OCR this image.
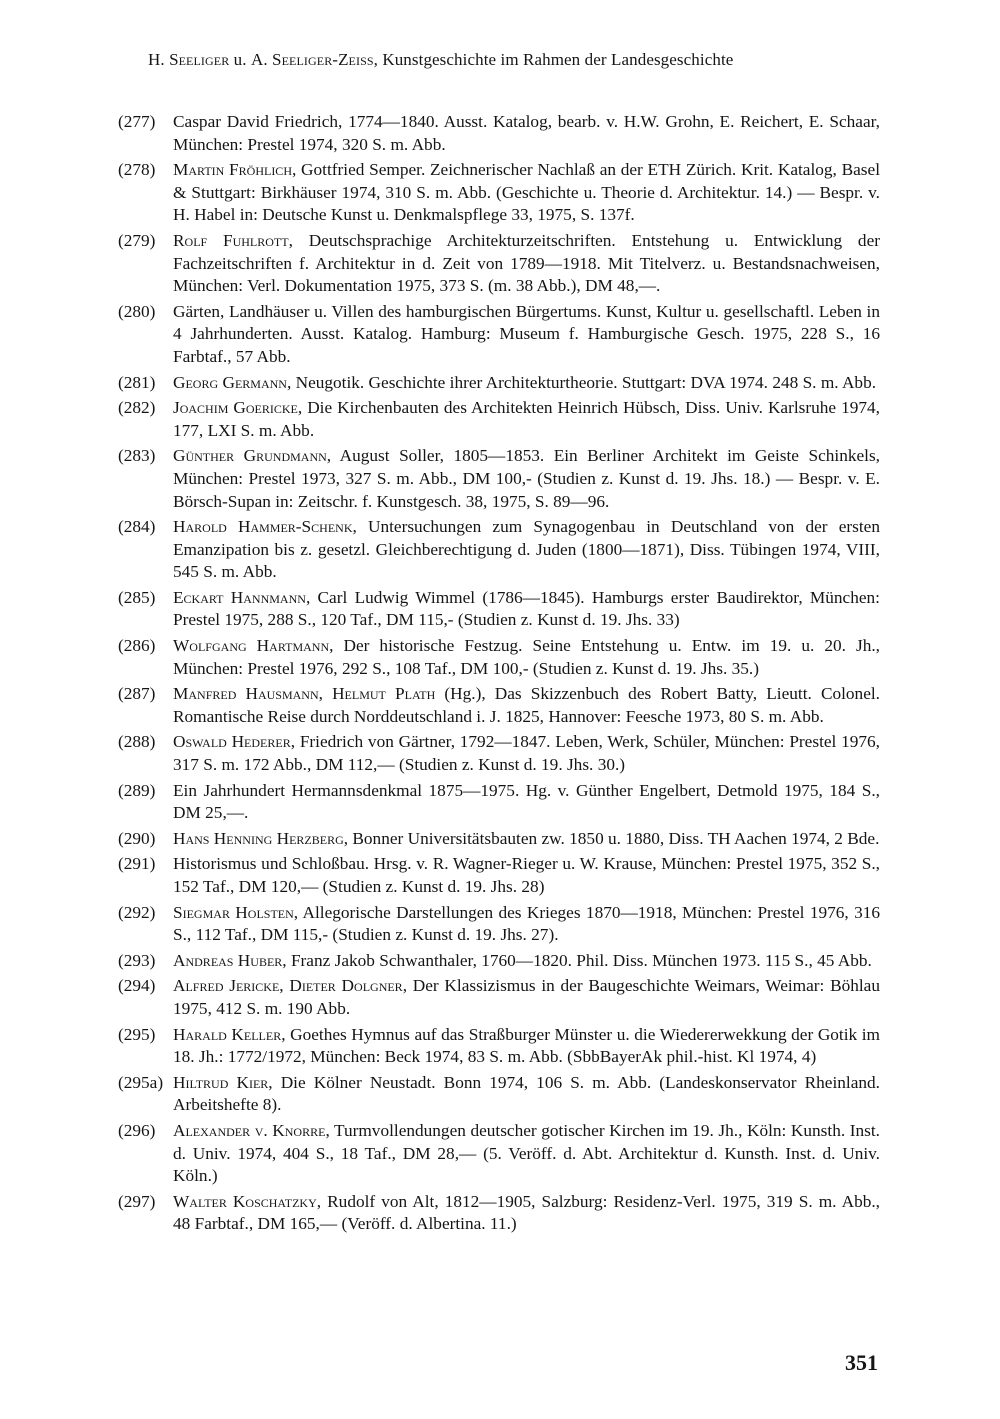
H. Seeliger u. A. Seeliger-Zeiss, Kunstgeschichte im Rahmen der Landesgeschichte
(277)	Caspar David Friedrich, 1774—1840. Ausst. Katalog, bearb. v. H.W. Grohn, E. Reichert, E. Schaar, München: Prestel 1974, 320 S. m. Abb.
(278)	Martin Fröhlich, Gottfried Semper. Zeichnerischer Nachlaß an der ETH Zürich. Krit. Katalog, Basel & Stuttgart: Birkhäuser 1974, 310 S. m. Abb. (Geschichte u. Theorie d. Architektur. 14.) — Bespr. v. H. Habel in: Deutsche Kunst u. Denkmalspflege 33, 1975, S. 137f.
(279)	Rolf Fuhlrott, Deutschsprachige Architekturzeitschriften. Entstehung u. Entwicklung der Fachzeitschriften f. Architektur in d. Zeit von 1789—1918. Mit Titelverz. u. Bestandsnachweisen, München: Verl. Dokumentation 1975, 373 S. (m. 38 Abb.), DM 48,—.
(280)	Gärten, Landhäuser u. Villen des hamburgischen Bürgertums. Kunst, Kultur u. gesellschaftl. Leben in 4 Jahrhunderten. Ausst. Katalog. Hamburg: Museum f. Hamburgische Gesch. 1975, 228 S., 16 Farbtaf., 57 Abb.
(281)	Georg Germann, Neugotik. Geschichte ihrer Architekturtheorie. Stuttgart: DVA 1974. 248 S. m. Abb.
(282)	Joachim Goericke, Die Kirchenbauten des Architekten Heinrich Hübsch, Diss. Univ. Karlsruhe 1974, 177, LXI S. m. Abb.
(283)	Günther Grundmann, August Soller, 1805—1853. Ein Berliner Architekt im Geiste Schinkels, München: Prestel 1973, 327 S. m. Abb., DM 100,- (Studien z. Kunst d. 19. Jhs. 18.) — Bespr. v. E. Börsch-Supan in: Zeitschr. f. Kunstgesch. 38, 1975, S. 89—96.
(284)	Harold Hammer-Schenk, Untersuchungen zum Synagogenbau in Deutschland von der ersten Emanzipation bis z. gesetzl. Gleichberechtigung d. Juden (1800—1871), Diss. Tübingen 1974, VIII, 545 S. m. Abb.
(285)	Eckart Hannmann, Carl Ludwig Wimmel (1786—1845). Hamburgs erster Baudirektor, München: Prestel 1975, 288 S., 120 Taf., DM 115,- (Studien z. Kunst d. 19. Jhs. 33)
(286)	Wolfgang Hartmann, Der historische Festzug. Seine Entstehung u. Entw. im 19. u. 20. Jh., München: Prestel 1976, 292 S., 108 Taf., DM 100,- (Studien z. Kunst d. 19. Jhs. 35.)
(287)	Manfred Hausmann, Helmut Plath (Hg.), Das Skizzenbuch des Robert Batty, Lieutt. Colonel. Romantische Reise durch Norddeutschland i. J. 1825, Hannover: Feesche 1973, 80 S. m. Abb.
(288)	Oswald Hederer, Friedrich von Gärtner, 1792—1847. Leben, Werk, Schüler, München: Prestel 1976, 317 S. m. 172 Abb., DM 112,— (Studien z. Kunst d. 19. Jhs. 30.)
(289)	Ein Jahrhundert Hermannsdenkmal 1875—1975. Hg. v. Günther Engelbert, Detmold 1975, 184 S., DM 25,—.
(290)	Hans Henning Herzberg, Bonner Universitätsbauten zw. 1850 u. 1880, Diss. TH Aachen 1974, 2 Bde.
(291)	Historismus und Schloßbau. Hrsg. v. R. Wagner-Rieger u. W. Krause, München: Prestel 1975, 352 S., 152 Taf., DM 120,— (Studien z. Kunst d. 19. Jhs. 28)
(292)	Siegmar Holsten, Allegorische Darstellungen des Krieges 1870—1918, München: Prestel 1976, 316 S., 112 Taf., DM 115,- (Studien z. Kunst d. 19. Jhs. 27).
(293)	Andreas Huber, Franz Jakob Schwanthaler, 1760—1820. Phil. Diss. München 1973. 115 S., 45 Abb.
(294)	Alfred Jericke, Dieter Dolgner, Der Klassizismus in der Baugeschichte Weimars, Weimar: Böhlau 1975, 412 S. m. 190 Abb.
(295)	Harald Keller, Goethes Hymnus auf das Straßburger Münster u. die Wiedererwekkung der Gotik im 18. Jh.: 1772/1972, München: Beck 1974, 83 S. m. Abb. (SbbBayerAk phil.-hist. Kl 1974, 4)
(295a) Hiltrud Kier, Die Kölner Neustadt. Bonn 1974, 106 S. m. Abb. (Landeskonservator Rheinland. Arbeitshefte 8).
(296)	Alexander v. Knorre, Turmvollendungen deutscher gotischer Kirchen im 19. Jh., Köln: Kunsth. Inst. d. Univ. 1974, 404 S., 18 Taf., DM 28,— (5. Veröff. d. Abt. Architektur d. Kunsth. Inst. d. Univ. Köln.)
(297)	Walter Koschatzky, Rudolf von Alt, 1812—1905, Salzburg: Residenz-Verl. 1975, 319 S. m. Abb., 48 Farbtaf., DM 165,— (Veröff. d. Albertina. 11.)
351
